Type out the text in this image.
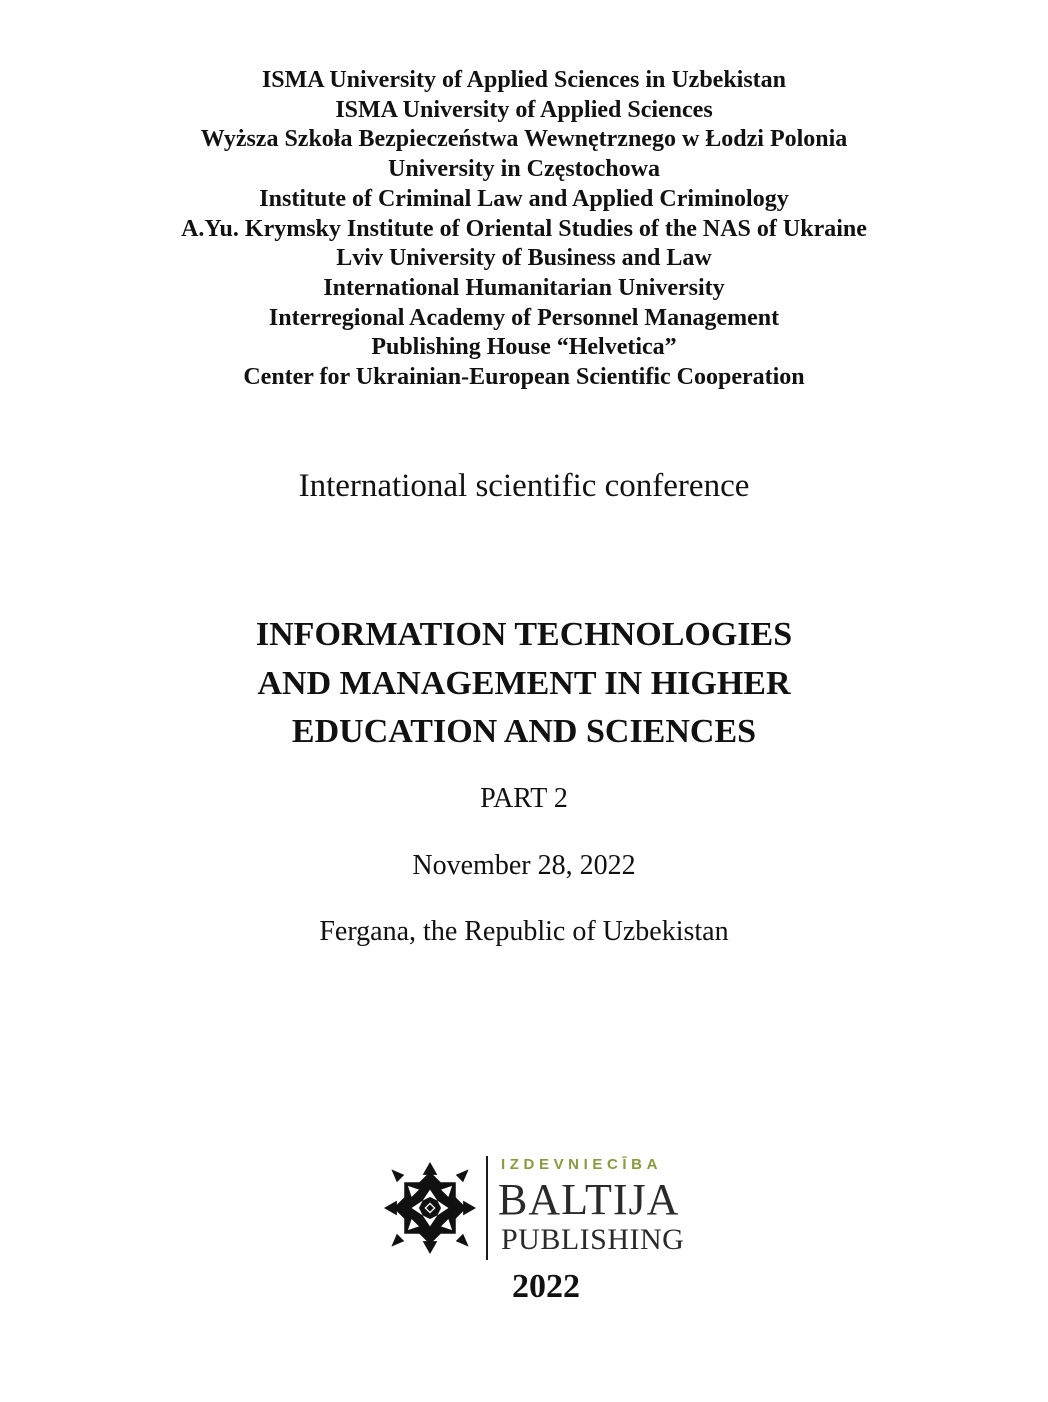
ISMA University of Applied Sciences in Uzbekistan
ISMA University of Applied Sciences
Wyższa Szkoła Bezpieczeństwa Wewnętrznego w Łodzi Polonia
University in Częstochowa
Institute of Criminal Law and Applied Criminology
A.Yu. Krymsky Institute of Oriental Studies of the NAS of Ukraine
Lviv University of Business and Law
International Humanitarian University
Interregional Academy of Personnel Management
Publishing House “Helvetica”
Center for Ukrainian-European Scientific Cooperation
International scientific conference
INFORMATION TECHNOLOGIES
AND MANAGEMENT IN HIGHER
EDUCATION AND SCIENCES
PART 2
November 28, 2022
Fergana, the Republic of Uzbekistan
IZDEVNIECĪBA
BALTIJA
PUBLISHING
2022
